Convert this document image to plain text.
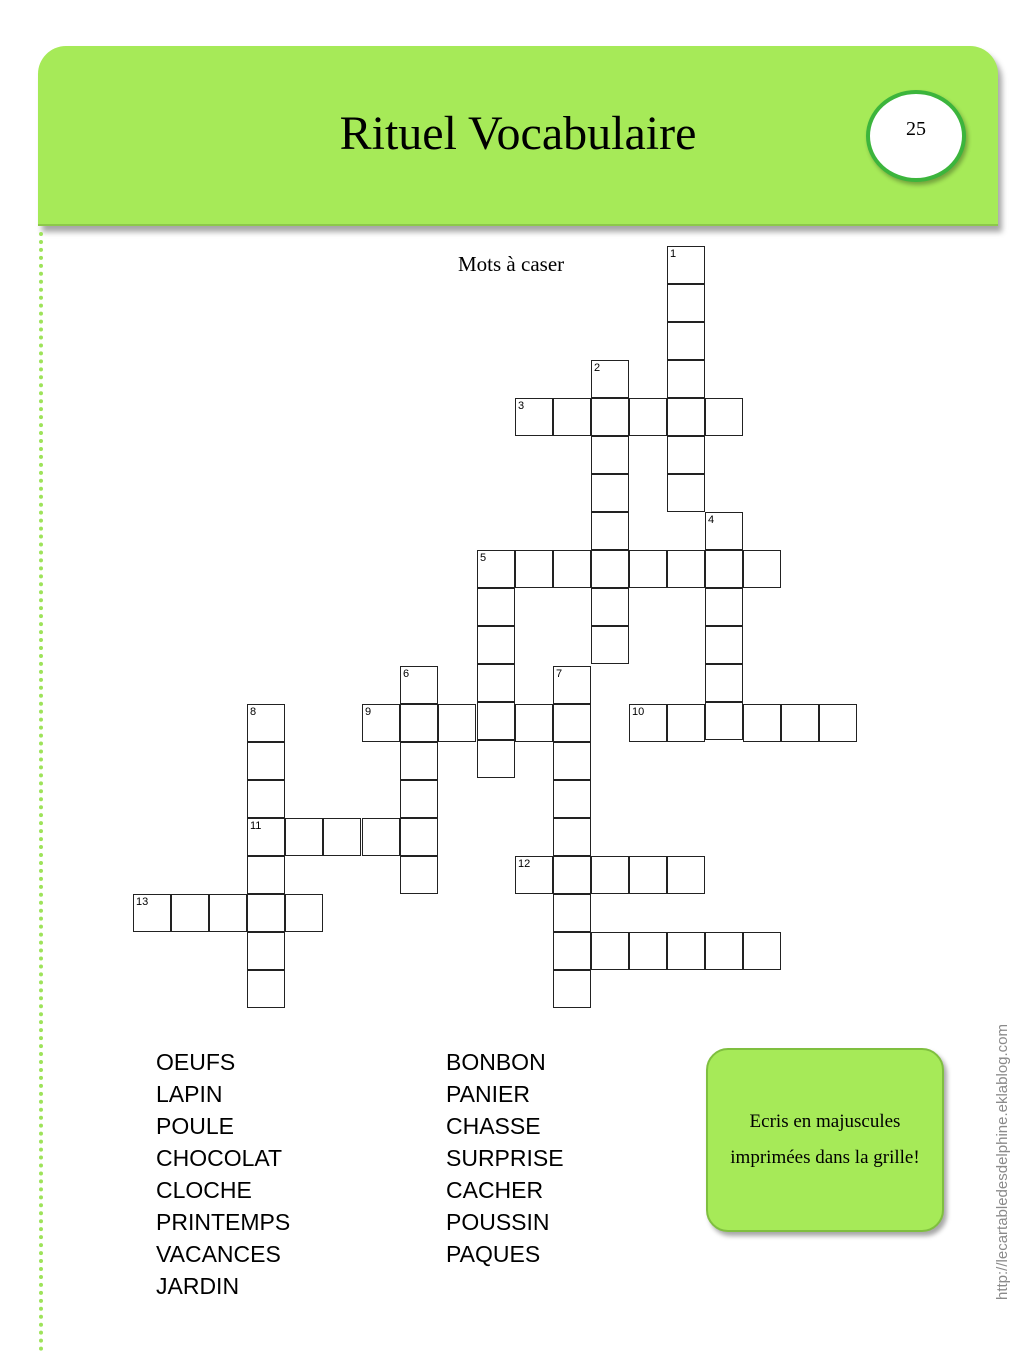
Rituel Vocabulaire	25
Mots à caser	1
2
3
4
5
6	7
8
11
9	10
12
13
OEUFS
LAPIN
POULE
CHOCOLAT
CLOCHE
PRINTEMPS
VACANCES
JARDIN
BONBON
PANIER
CHASSE
SURPRISE
CACHER
POUSSIN
PAQUES
Ecris en majuscules imprimées dans la grille!	http://lecartabledesdelphine.eklablog.com
